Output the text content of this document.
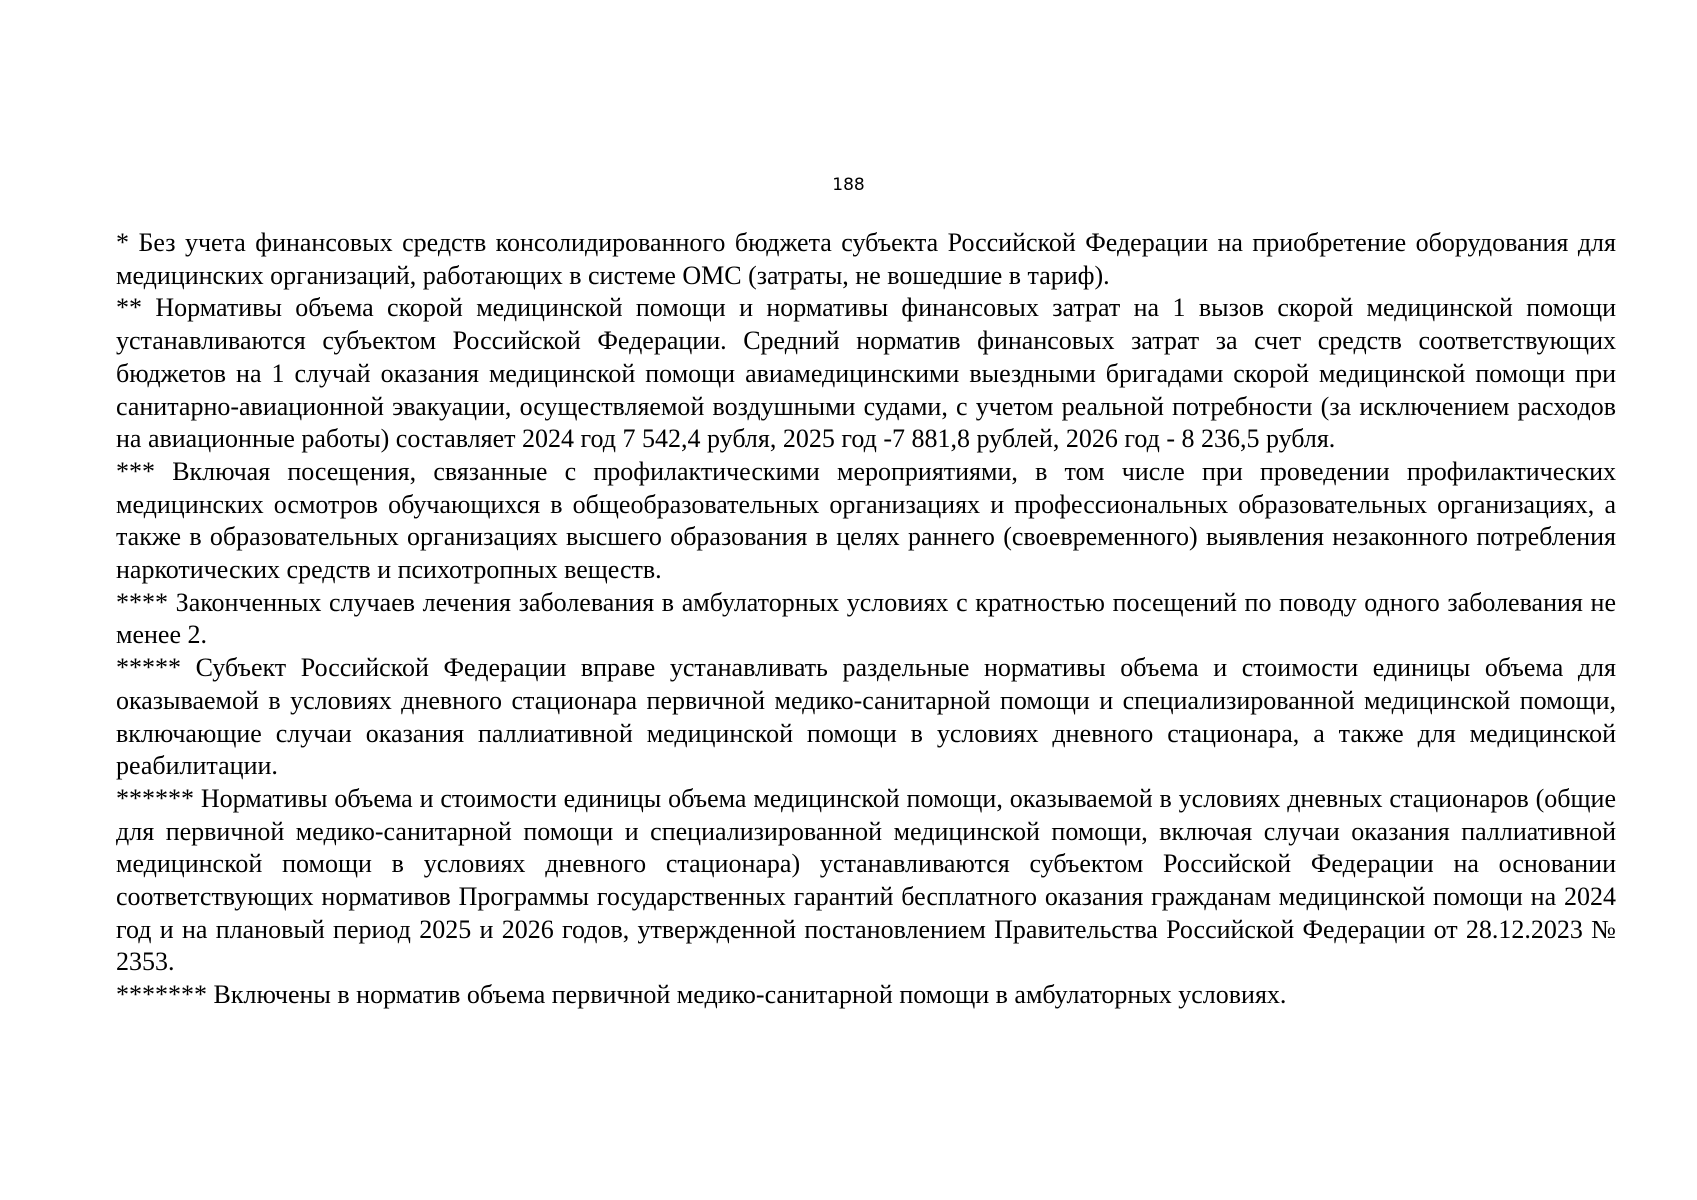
188

* Без учета финансовых средств консолидированного бюджета субъекта Российской Федерации на приобретение оборудования для медицинских организаций, работающих в системе ОМС (затраты, не вошедшие в тариф).

** Нормативы объема скорой медицинской помощи и нормативы финансовых затрат на 1 вызов скорой медицинской помощи устанавливаются субъектом Российской Федерации. Средний норматив финансовых затрат за счет средств соответствующих бюджетов на 1 случай оказания медицинской помощи авиамедицинскими выездными бригадами скорой медицинской помощи при санитарно-авиационной эвакуации, осуществляемой воздушными судами, с учетом реальной потребности (за исключением расходов на авиационные работы) составляет 2024 год 7 542,4 рубля, 2025 год -7 881,8 рублей, 2026 год - 8 236,5 рубля.

*** Включая посещения, связанные с профилактическими мероприятиями, в том числе при проведении профилактических медицинских осмотров обучающихся в общеобразовательных организациях и профессиональных образовательных организациях, а также в образовательных организациях высшего образования в целях раннего (своевременного) выявления незаконного потребления наркотических средств и психотропных веществ.

**** Законченных случаев лечения заболевания в амбулаторных условиях с кратностью посещений по поводу одного заболевания не менее 2.

***** Субъект Российской Федерации вправе устанавливать раздельные нормативы объема и стоимости единицы объема для оказываемой в условиях дневного стационара первичной медико-санитарной помощи и специализированной медицинской помощи, включающие случаи оказания паллиативной медицинской помощи в условиях дневного стационара, а также для медицинской реабилитации.

****** Нормативы объема и стоимости единицы объема медицинской помощи, оказываемой в условиях дневных стационаров (общие для первичной медико-санитарной помощи и специализированной медицинской помощи, включая случаи оказания паллиативной медицинской помощи в условиях дневного стационара) устанавливаются субъектом Российской Федерации на основании соответствующих нормативов Программы государственных гарантий бесплатного оказания гражданам медицинской помощи на 2024 год и на плановый период 2025 и 2026 годов, утвержденной постановлением Правительства Российской Федерации от 28.12.2023 № 2353.

******* Включены в норматив объема первичной медико-санитарной помощи в амбулаторных условиях.
